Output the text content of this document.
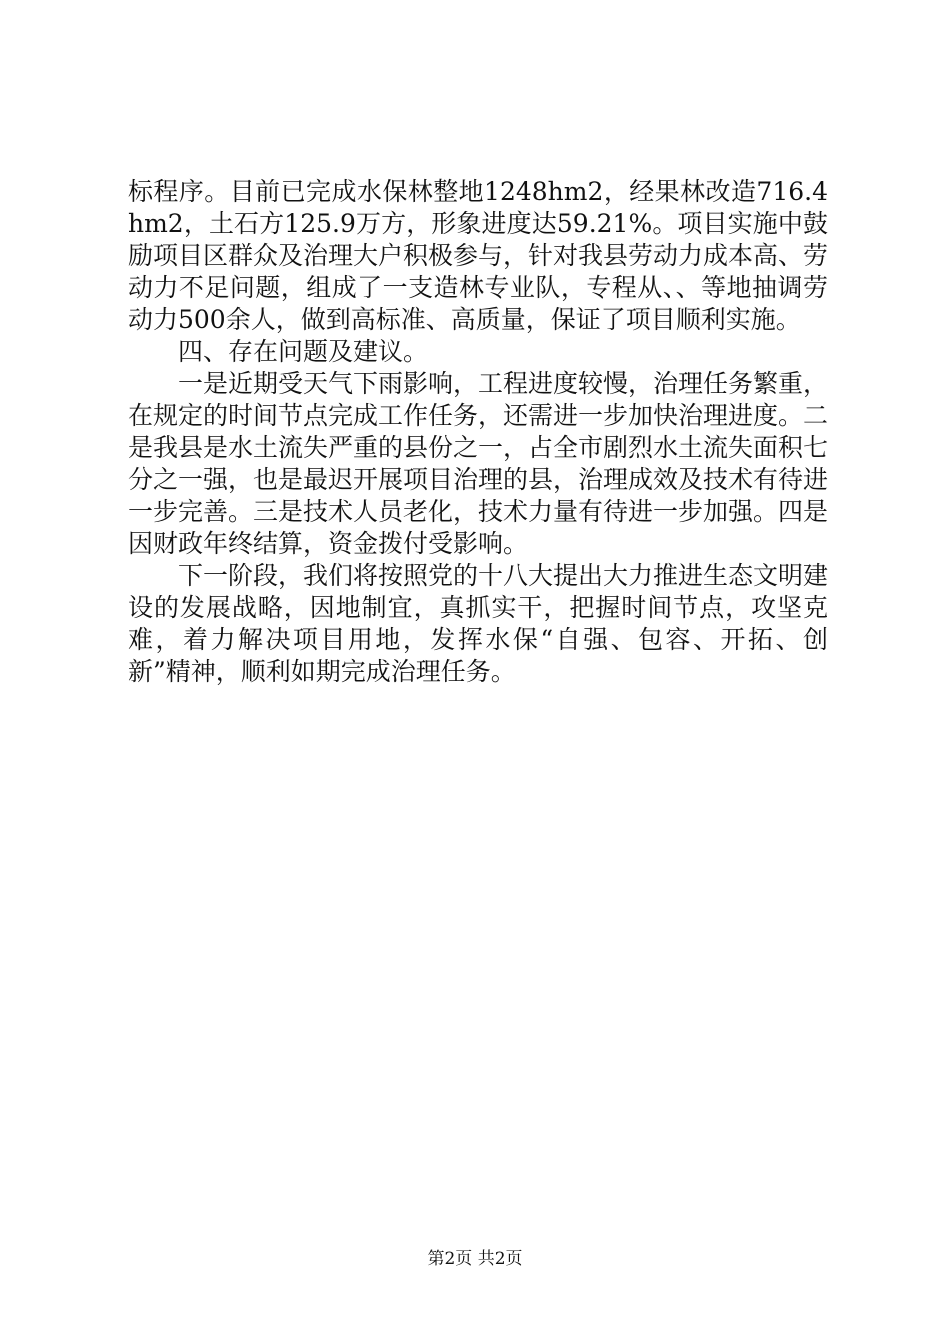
标程序。目前已完成水保林整地1248hm2，经果林改造716.4hm2，土石方125.9万方，形象进度达59.21%。项目实施中鼓励项目区群众及治理大户积极参与，针对我县劳动力成本高、劳动力不足问题，组成了一支造林专业队，专程从、、等地抽调劳动力500余人，做到高标准、高质量，保证了项目顺利实施。

四、存在问题及建议。

一是近期受天气下雨影响，工程进度较慢，治理任务繁重，在规定的时间节点完成工作任务，还需进一步加快治理进度。二是我县是水土流失严重的县份之一，占全市剧烈水土流失面积七分之一强，也是最迟开展项目治理的县，治理成效及技术有待进一步完善。三是技术人员老化，技术力量有待进一步加强。四是因财政年终结算，资金拨付受影响。

下一阶段，我们将按照党的十八大提出大力推进生态文明建设的发展战略，因地制宜，真抓实干，把握时间节点，攻坚克难，着力解决项目用地，发挥水保“自强、包容、开拓、创新”精神，顺利如期完成治理任务。

第2页 共2页
